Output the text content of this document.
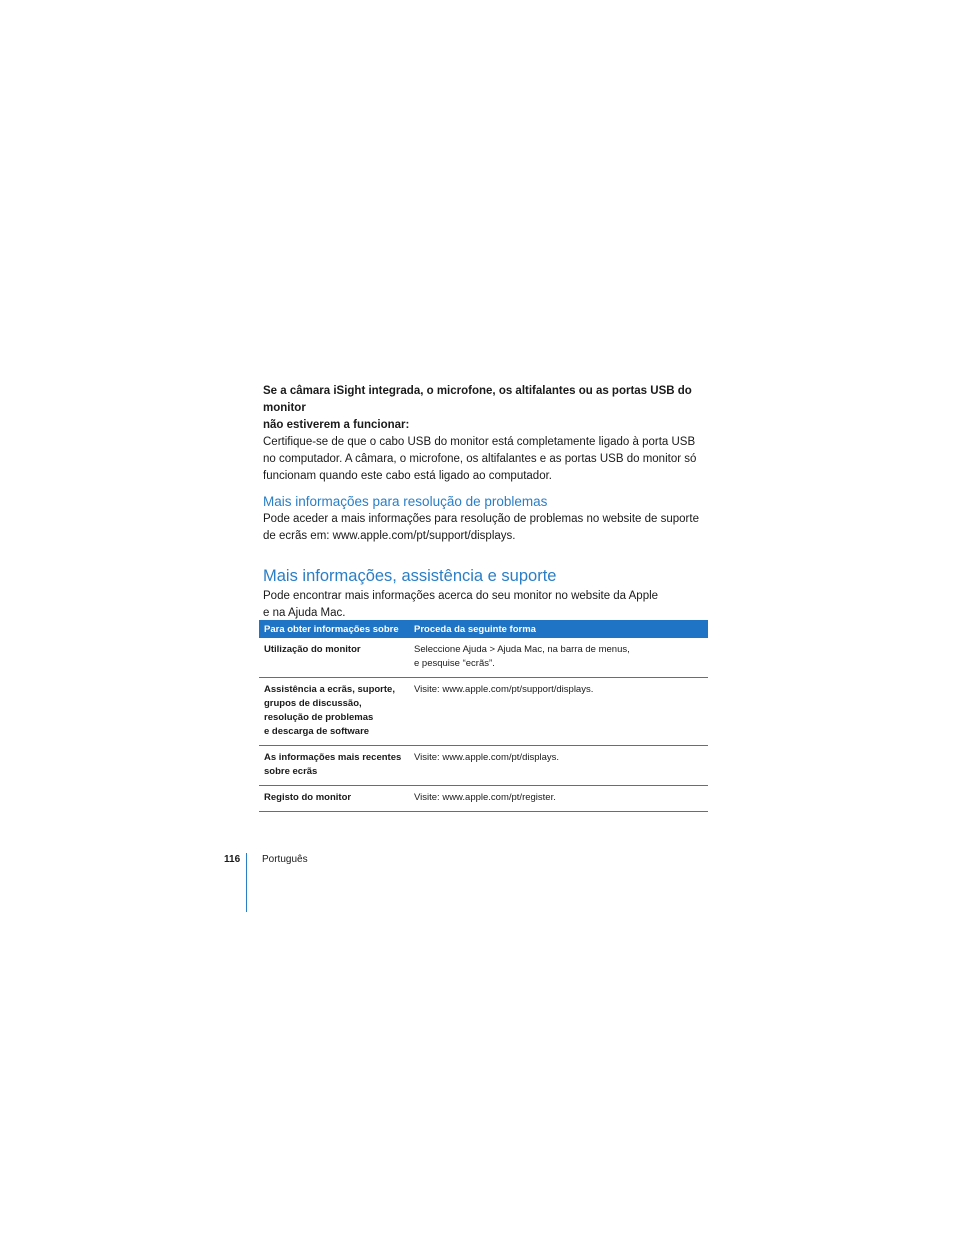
Se a câmara iSight integrada, o microfone, os altifalantes ou as portas USB do monitor
não estiverem a funcionar:

Certifique-se de que o cabo USB do monitor está completamente ligado à porta USB
no computador. A câmara, o microfone, os altifalantes e as portas USB do monitor só
funcionam quando este cabo está ligado ao computador.

Mais informações para resolução de problemas

Pode aceder a mais informações para resolução de problemas no website de suporte
de ecrãs em: www.apple.com/pt/support/displays.

Mais informações, assistência e suporte

Pode encontrar mais informações acerca do seu monitor no website da Apple
e na Ajuda Mac.

Para obter informações sobre	Proceda da seguinte forma
Utilização do monitor	Seleccione Ajuda > Ajuda Mac, na barra de menus,
e pesquise “ecrãs”.
Assistência a ecrãs, suporte,
grupos de discussão,
resolução de problemas
e descarga de software	Visite: www.apple.com/pt/support/displays.
As informações mais recentes
sobre ecrãs	Visite: www.apple.com/pt/displays.
Registo do monitor	Visite: www.apple.com/pt/register.
116 Português
